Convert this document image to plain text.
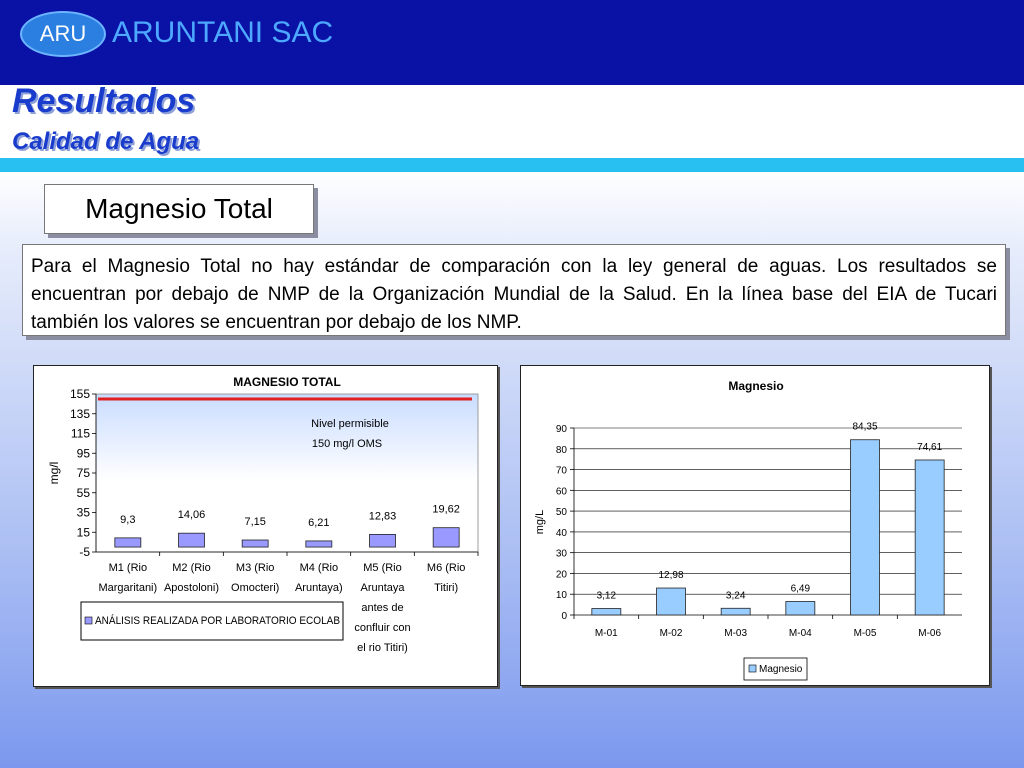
ARU ARUNTANI SAC
Resultados
Calidad de Agua
Magnesio Total
Para el Magnesio Total no hay estándar de comparación con la ley general de aguas. Los resultados se encuentran por debajo de NMP de la Organización Mundial de la Salud. En la línea base del EIA de Tucari también los valores se encuentran por debajo de los NMP.
MAGNESIO TOTAL
155
135
115
95
75
55
35
15
-5
mg/l
9,3
M1 (Rio
Margaritani)
14,06
M2 (Rio
Apostoloni)
7,15
M3 (Rio
Omocteri)
6,21
M4 (Rio
Aruntaya)
12,83
M5 (Rio
Aruntaya
antes de
confluir con
el rio Titiri)
19,62
M6 (Rio
Titiri)
Nivel permisible
150 mg/l OMS
ANÁLISIS REALIZADA POR LABORATORIO ECOLAB
Magnesio
90
80
70
60
50
40
30
20
10
0
mg/L
3,12
M-01
12,98
M-02
3,24
M-03
6,49
M-04
84,35
M-05
74,61
M-06
Magnesio
